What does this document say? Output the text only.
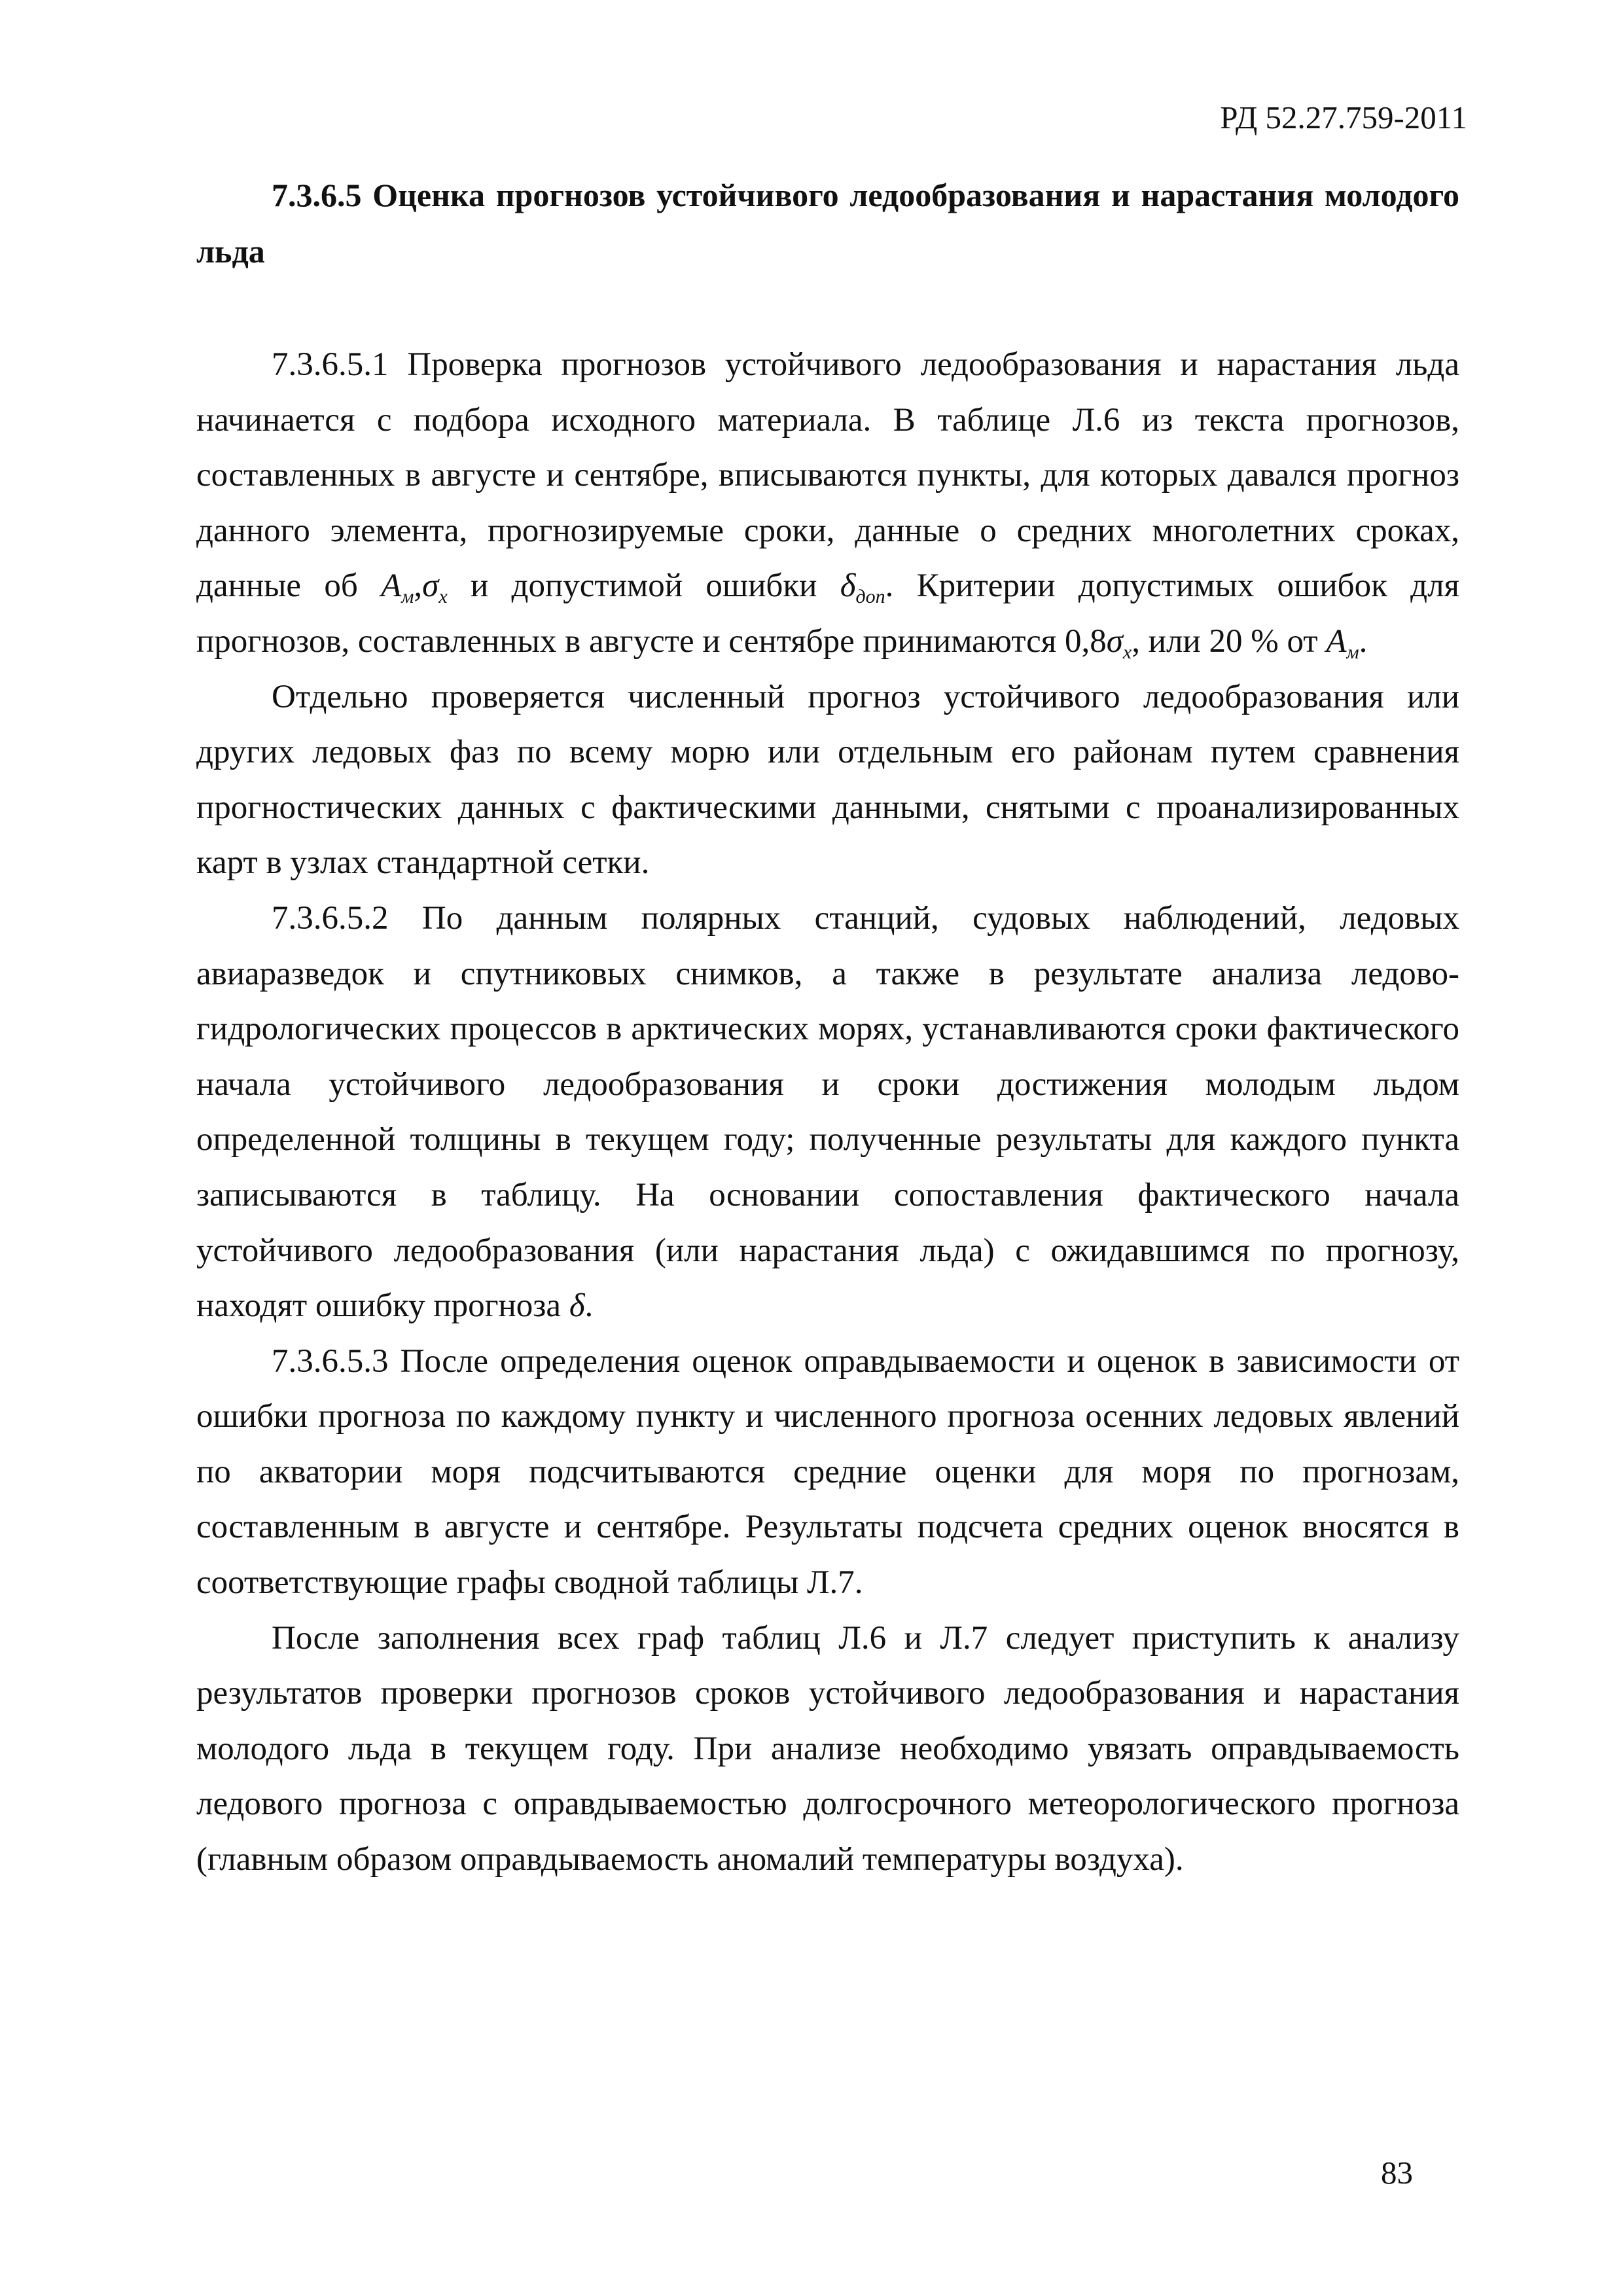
РД 52.27.759-2011

7.3.6.5 Оценка прогнозов устойчивого ледообразования и нарастания молодого льда

7.3.6.5.1 Проверка прогнозов устойчивого ледообразования и нарастания льда начинается с подбора исходного материала. В таблице Л.6 из текста прогнозов, составленных в августе и сентябре, вписываются пункты, для которых давался прогноз данного элемента, прогнозируемые сроки, данные о средних многолетних сроках, данные об $A_м,\sigma_x$ и допустимой ошибки $\delta_{доп}$. Критерии допустимых ошибок для прогнозов, составленных в августе и сентябре принимаются $0,8\sigma_x$, или 20 % от $A_м$.

Отдельно проверяется численный прогноз устойчивого ледообразования или других ледовых фаз по всему морю или отдельным его районам путем сравнения прогностических данных с фактическими данными, снятыми с проанализированных карт в узлах стандартной сетки.

7.3.6.5.2 По данным полярных станций, судовых наблюдений, ледовых авиаразведок и спутниковых снимков, а также в результате анализа ледово-гидрологических процессов в арктических морях, устанавливаются сроки фактического начала устойчивого ледообразования и сроки достижения молодым льдом определенной толщины в текущем году; полученные результаты для каждого пункта записываются в таблицу. На основании сопоставления фактического начала устойчивого ледообразования (или нарастания льда) с ожидавшимся по прогнозу, находят ошибку прогноза δ.

7.3.6.5.3 После определения оценок оправдываемости и оценок в зависимости от ошибки прогноза по каждому пункту и численного прогноза осенних ледовых явлений по акватории моря подсчитываются средние оценки для моря по прогнозам, составленным в августе и сентябре. Результаты подсчета средних оценок вносятся в соответствующие графы сводной таблицы Л.7.

После заполнения всех граф таблиц Л.6 и Л.7 следует приступить к анализу результатов проверки прогнозов сроков устойчивого ледообразования и нарастания молодого льда в текущем году. При анализе необходимо увязать оправдываемость ледового прогноза с оправдываемостью долгосрочного метеорологического прогноза (главным образом оправдываемость аномалий температуры воздуха).

83
